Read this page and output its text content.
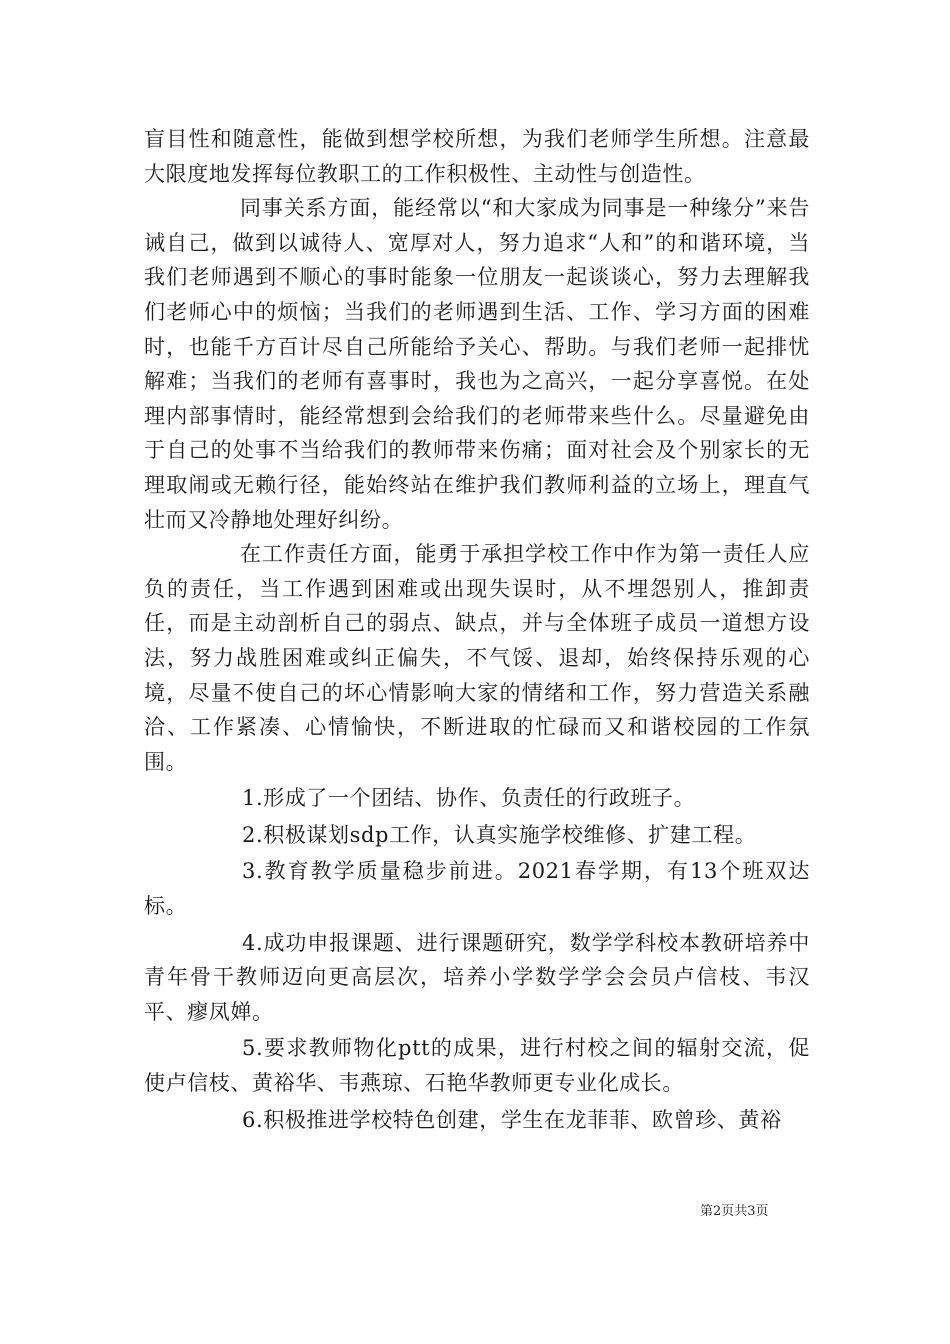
盲目性和随意性，能做到想学校所想，为我们老师学生所想。注意最大限度地发挥每位教职工的工作积极性、主动性与创造性。

同事关系方面，能经常以“和大家成为同事是一种缘分”来告诫自己，做到以诚待人、宽厚对人，努力追求“人和”的和谐环境，当我们老师遇到不顺心的事时能象一位朋友一起谈谈心，努力去理解我们老师心中的烦恼；当我们的老师遇到生活、工作、学习方面的困难时，也能千方百计尽自己所能给予关心、帮助。与我们老师一起排忧解难；当我们的老师有喜事时，我也为之高兴，一起分享喜悦。在处理内部事情时，能经常想到会给我们的老师带来些什么。尽量避免由于自己的处事不当给我们的教师带来伤痛；面对社会及个别家长的无理取闹或无赖行径，能始终站在维护我们教师利益的立场上，理直气壮而又冷静地处理好纠纷。

在工作责任方面，能勇于承担学校工作中作为第一责任人应负的责任，当工作遇到困难或出现失误时，从不埋怨别人，推卸责任，而是主动剖析自己的弱点、缺点，并与全体班子成员一道想方设法，努力战胜困难或纠正偏失，不气馁、退却，始终保持乐观的心境，尽量不使自己的坏心情影响大家的情绪和工作，努力营造关系融洽、工作紧凑、心情愉快，不断进取的忙碌而又和谐校园的工作氛围。

1.形成了一个团结、协作、负责任的行政班子。

2.积极谋划sdp工作，认真实施学校维修、扩建工程。

3.教育教学质量稳步前进。2021春学期，有13个班双达标。

4.成功申报课题、进行课题研究，数学学科校本教研培养中青年骨干教师迈向更高层次，培养小学数学学会会员卢信枝、韦汉平、瘳凤婵。

5.要求教师物化ptt的成果，进行村校之间的辐射交流，促使卢信枝、黄裕华、韦燕琼、石艳华教师更专业化成长。

6.积极推进学校特色创建，学生在龙菲菲、欧曾珍、黄裕

第2页共3页
